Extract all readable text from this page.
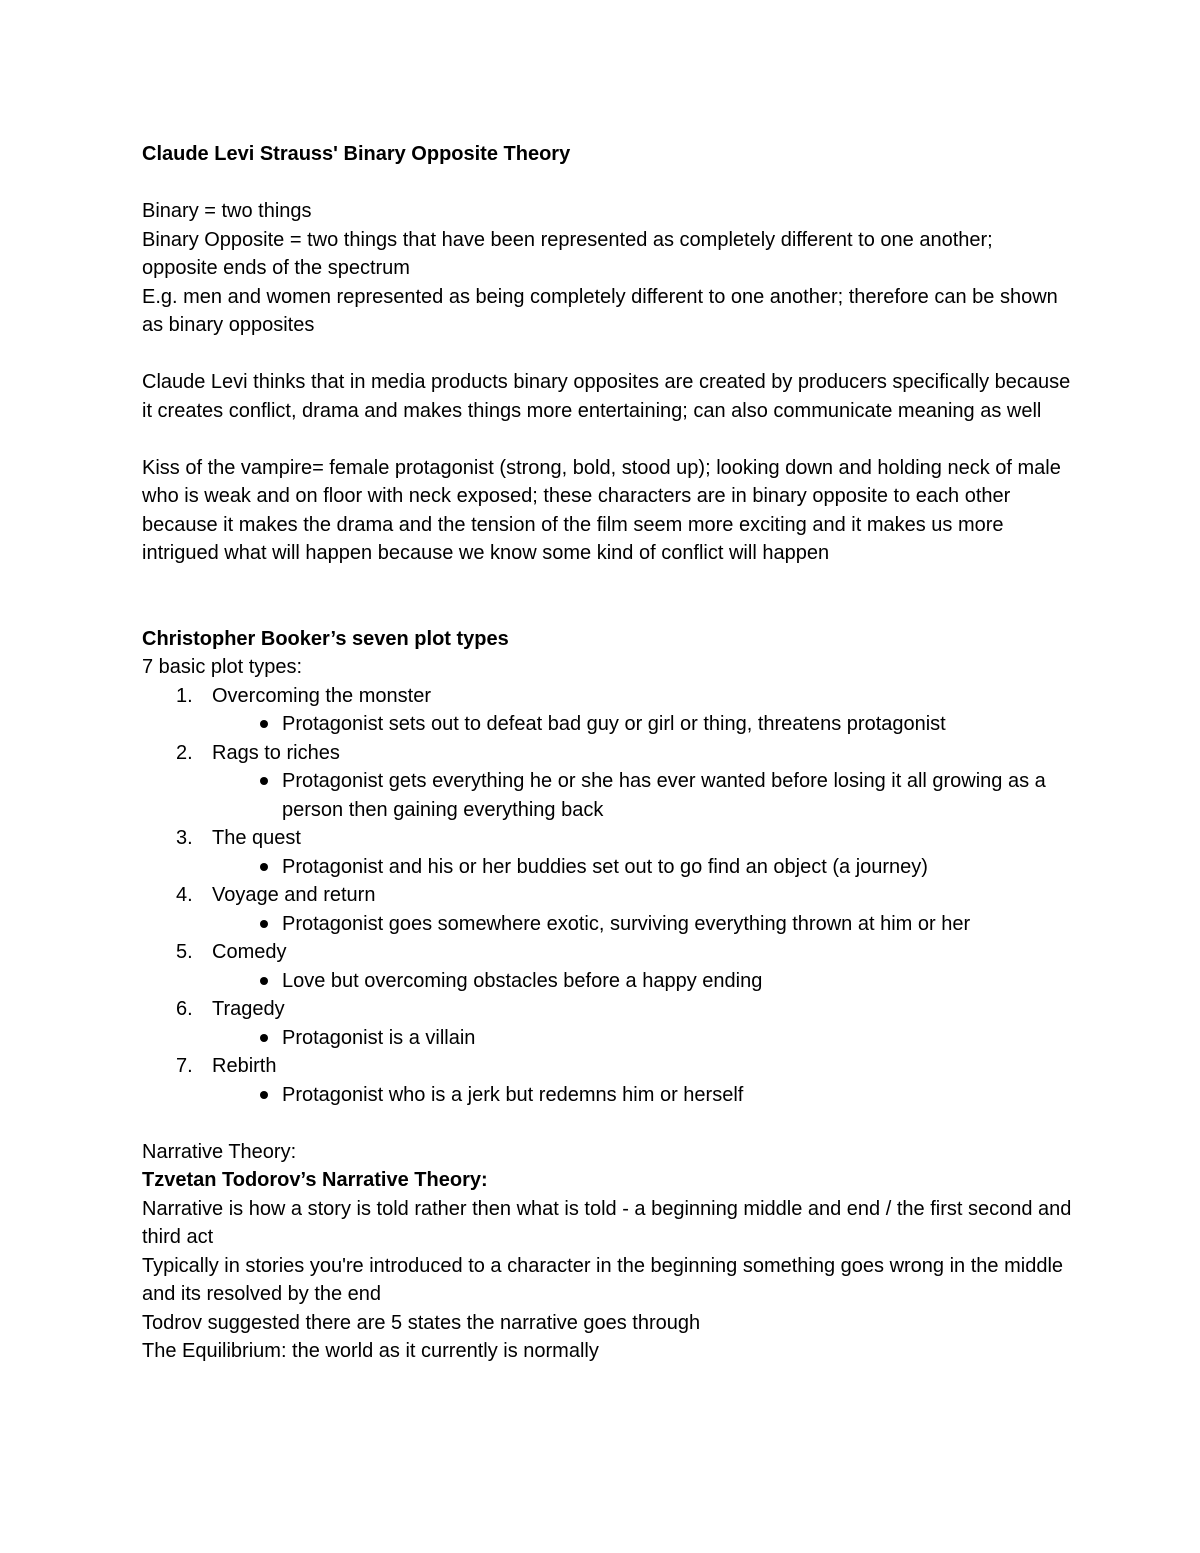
Claude Levi Strauss' Binary Opposite Theory

Binary = two things

Binary Opposite = two things that have been represented as completely different to one another; opposite ends of the spectrum

E.g. men and women represented as being completely different to one another; therefore can be shown as binary opposites

Claude Levi thinks that in media products binary opposites are created by producers specifically because it creates conflict, drama and makes things more entertaining; can also communicate meaning as well

Kiss of the vampire= female protagonist (strong, bold, stood up); looking down and holding neck of male who is weak and on floor with neck exposed; these characters are in binary opposite to each other because it makes the drama and the tension of the film seem more exciting and it makes us more intrigued what will happen because we know some kind of conflict will happen

Christopher Booker’s seven plot types

7 basic plot types:

1. Overcoming the monster
Protagonist sets out to defeat bad guy or girl or thing, threatens protagonist
2. Rags to riches
Protagonist gets everything he or she has ever wanted before losing it all growing as a person then gaining everything back
3. The quest
Protagonist and his or her buddies set out to go find an object (a journey)
4. Voyage and return
Protagonist goes somewhere exotic, surviving everything thrown at him or her
5. Comedy
Love but overcoming obstacles before a happy ending
6. Tragedy
Protagonist is a villain
7. Rebirth
Protagonist who is a jerk but redemns him or herself

Narrative Theory:

Tzvetan Todorov’s Narrative Theory:

Narrative is how a story is told rather then what is told - a beginning middle and end / the first second and third act

Typically in stories you're introduced to a character in the beginning something goes wrong in the middle and its resolved by the end

Todrov suggested there are 5 states the narrative goes through

The Equilibrium: the world as it currently is normally
